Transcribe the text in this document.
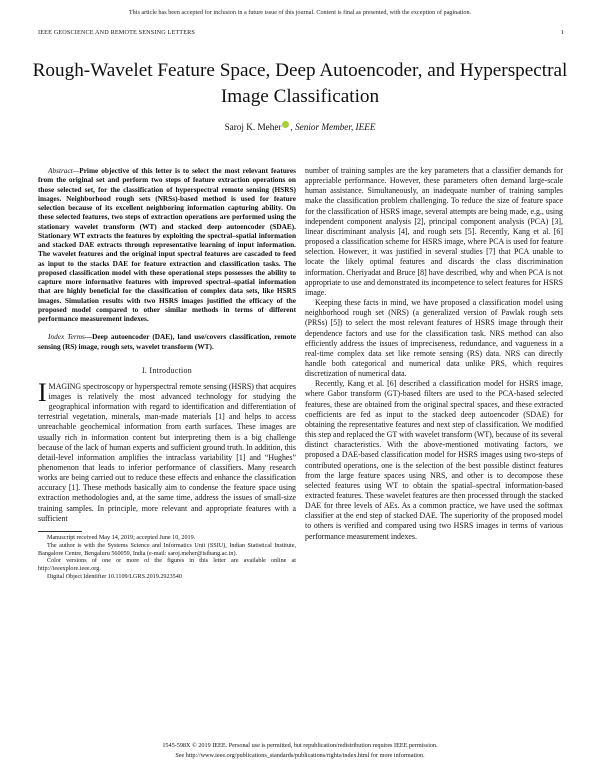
This article has been accepted for inclusion in a future issue of this journal. Content is final as presented, with the exception of pagination.
IEEE GEOSCIENCE AND REMOTE SENSING LETTERS	1
Rough-Wavelet Feature Space, Deep Autoencoder, and Hyperspectral Image Classification
Saroj K. Meher , Senior Member, IEEE

Abstract—Prime objective of this letter is to select the most relevant features from the original set and perform two steps of feature extraction operations on those selected set, for the classification of hyperspectral remote sensing (HSRS) images. Neighborhood rough sets (NRSs)-based method is used for feature selection because of its excellent neighboring information capturing ability. On these selected features, two steps of extraction operations are performed using the stationary wavelet transform (WT) and stacked deep autoencoder (SDAE). Stationary WT extracts the features by exploiting the spectral–spatial information and stacked DAE extracts through representative learning of input information. The wavelet features and the original input spectral features are cascaded to feed as input to the stacks DAE for feature extraction and classification tasks. The proposed classification model with these operational steps possesses the ability to capture more informative features with improved spectral–spatial information that are highly beneficial for the classification of complex data sets, like HSRS images. Simulation results with two HSRS images justified the efficacy of the proposed model compared to other similar methods in terms of different performance measurement indexes.

Index Terms—Deep autoencoder (DAE), land use/covers classification, remote sensing (RS) image, rough sets, wavelet transform (WT).

I. Introduction

IMAGING spectroscopy or hyperspectral remote sensing (HSRS) that acquires images is relatively the most advanced technology for studying the geographical information with regard to identification and differentiation of terrestrial vegetation, minerals, man-made materials [1] and helps to access unreachable geochemical information from earth surfaces. These images are usually rich in information content but interpreting them is a big challenge because of the lack of human experts and sufficient ground truth. In addition, this detail-level information amplifies the intraclass variability [1] and “Hughes” phenomenon that leads to inferior performance of classifiers. Many research works are being carried out to reduce these effects and enhance the classification accuracy [1]. These methods basically aim to condense the feature space using extraction methodologies and, at the same time, address the issues of small-size training samples. In principle, more relevant and appropriate features with a sufficient

Manuscript received May 14, 2019; accepted June 10, 2019.

The author is with the Systems Science and Informatics Unit (SSIU), Indian Statistical Institute, Bangalore Centre, Bengaluru 560059, India (e-mail: saroj.meher@isibang.ac.in).

Color versions of one or more of the figures in this letter are available online at http://ieeexplore.ieee.org.

Digital Object Identifier 10.1109/LGRS.2019.2923540

number of training samples are the key parameters that a classifier demands for appreciable performance. However, these parameters often demand large-scale human assistance. Simultaneously, an inadequate number of training samples make the classification problem challenging. To reduce the size of feature space for the classification of HSRS image, several attempts are being made, e.g., using independent component analysis [2], principal component analysis (PCA) [3], linear discriminant analysis [4], and rough sets [5]. Recently, Kang et al. [6] proposed a classification scheme for HSRS image, where PCA is used for feature selection. However, it was justified in several studies [7] that PCA unable to locate the likely optimal features and discards the class discrimination information. Cheriyadat and Bruce [8] have described, why and when PCA is not appropriate to use and demonstrated its incompetence to select features for HSRS image.

Keeping these facts in mind, we have proposed a classification model using neighborhood rough set (NRS) (a generalized version of Pawlak rough sets (PRSs) [5]) to select the most relevant features of HSRS image through their dependence factors and use for the classification task. NRS method can also efficiently address the issues of impreciseness, redundance, and vagueness in a real-time complex data set like remote sensing (RS) data. NRS can directly handle both categorical and numerical data unlike PRS, which requires discretization of numerical data.

Recently, Kang et al. [6] described a classification model for HSRS image, where Gabor transform (GT)-based filters are used to the PCA-based selected features, these are obtained from the original spectral spaces, and these extracted coefficients are fed as input to the stacked deep autoencoder (SDAE) for obtaining the representative features and next step of classification. We modified this step and replaced the GT with wavelet transform (WT), because of its several distinct characteristics. With the above-mentioned motivating factors, we proposed a DAE-based classification model for HSRS images using two-steps of contributed operations, one is the selection of the best possible distinct features from the large feature spaces using NRS, and other is to decompose these selected features using WT to obtain the spatial–spectral information-based extracted features. These wavelet features are then processed through the stacked DAE for three levels of AEs. As a common practice, we have used the softmax classifier at the end step of stacked DAE. The superiority of the proposed model to others is verified and compared using two HSRS images in terms of various performance measurement indexes.

1545-598X © 2019 IEEE. Personal use is permitted, but republication/redistribution requires IEEE permission.
See http://www.ieee.org/publications_standards/publications/rights/index.html for more information.
